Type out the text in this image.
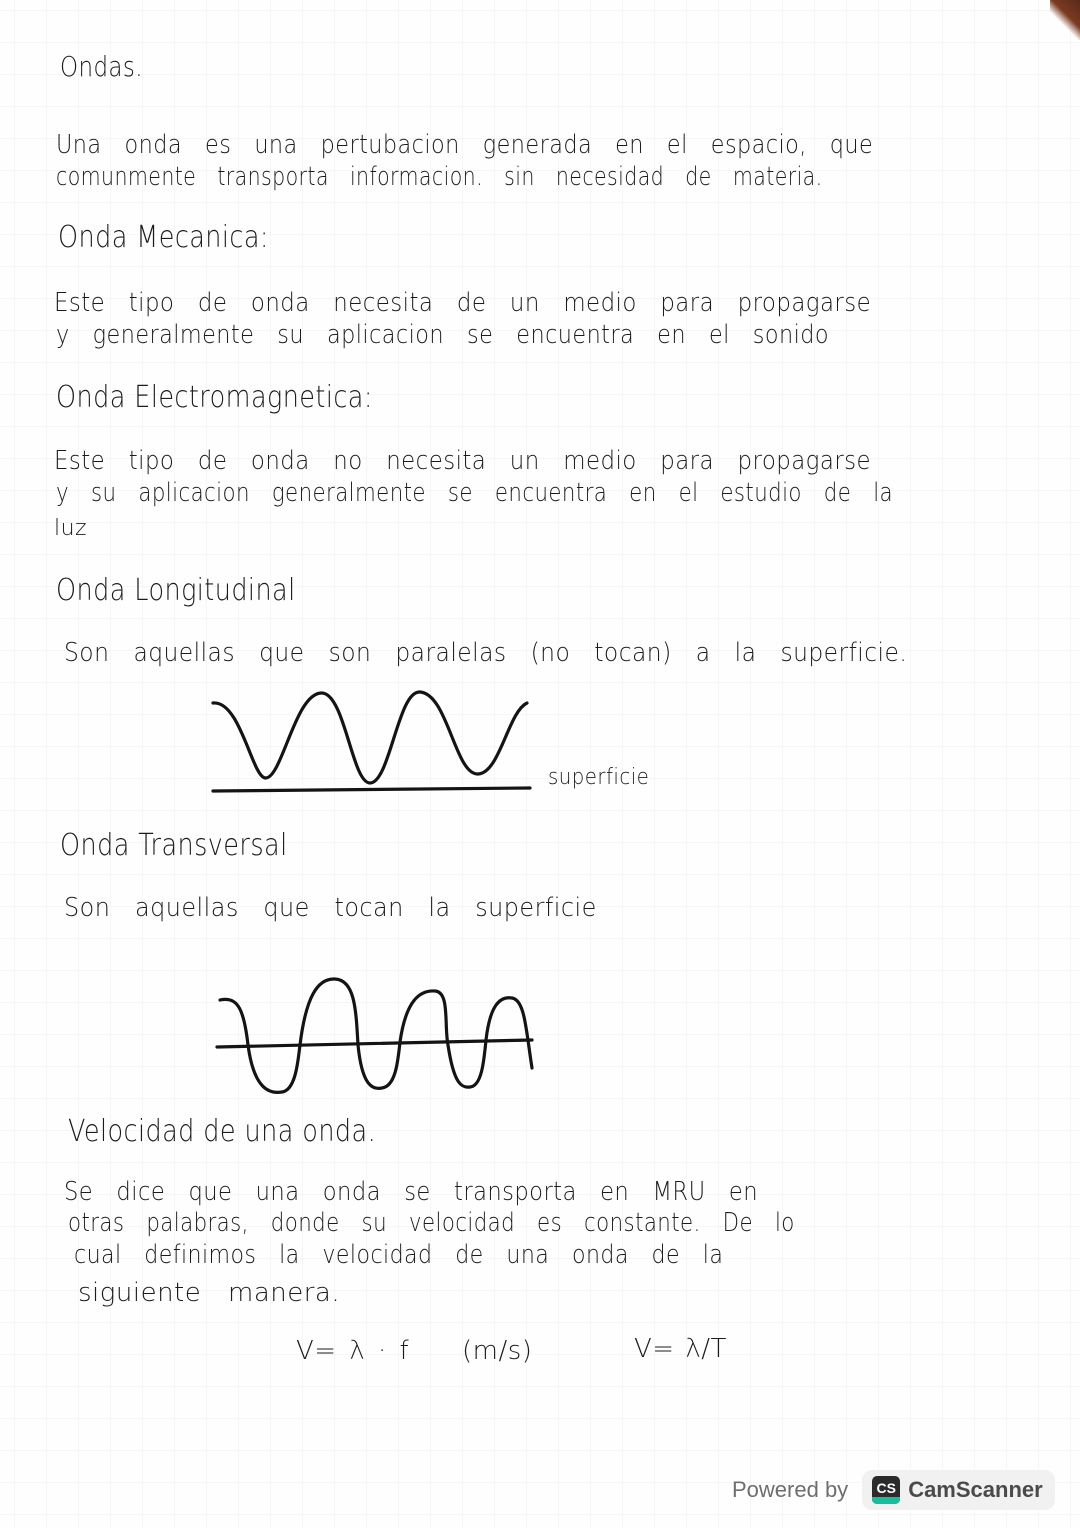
Ondas.

Una onda es una pertubacion generada en el espacio, que

comunmente transporta informacion. sin necesidad de materia.

Onda Mecanica:

Este tipo de onda necesita de un medio para propagarse

y generalmente su aplicacion se encuentra en el sonido

Onda Electromagnetica:

Este tipo de onda no necesita un medio para propagarse

y su aplicacion generalmente se encuentra en el estudio de la

luz

Onda Longitudinal

Son aquellas que son paralelas (no tocan) a la superficie.

superficie

Onda Transversal

Son aquellas que tocan la superficie

Velocidad de una onda.

Se dice que una onda se transporta en MRU en

otras palabras, donde su velocidad es constante. De lo

cual definimos la velocidad de una onda de la

siguiente manera.

V= λ · f (m/s)	V= λ/T

Powered by CS CamScanner
